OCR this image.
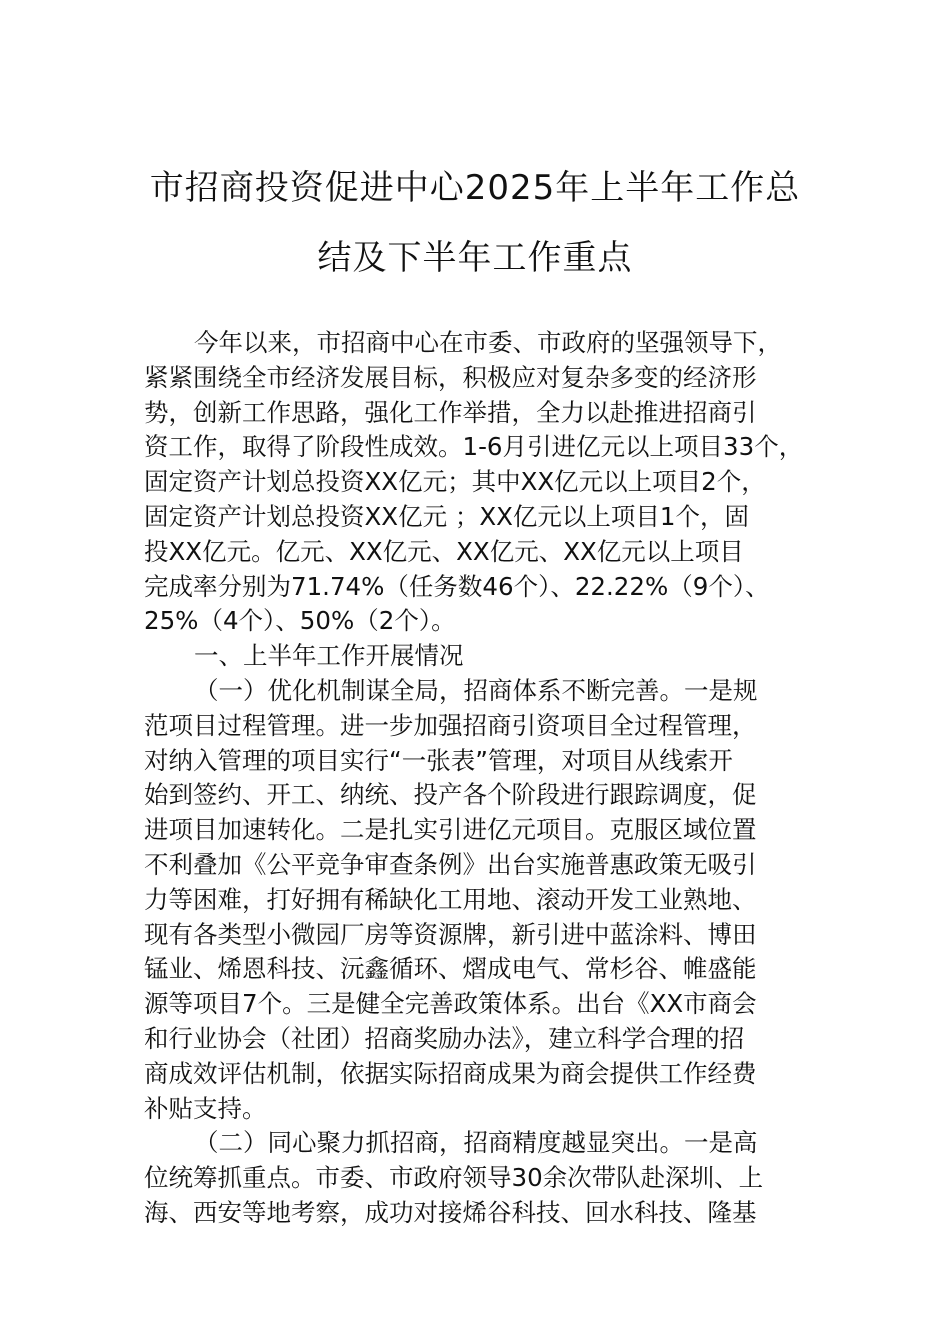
市招商投资促进中心2025年上半年工作总
结及下半年工作重点
今年以来，市招商中心在市委、市政府的坚强领导下，
紧紧围绕全市经济发展目标，积极应对复杂多变的经济形
势，创新工作思路，强化工作举措，全力以赴推进招商引
资工作，取得了阶段性成效。1-6月引进亿元以上项目33个，
固定资产计划总投资XX亿元；其中XX亿元以上项目2个，
固定资产计划总投资XX亿元 ；XX亿元以上项目1个，固
投XX亿元。亿元、XX亿元、XX亿元、XX亿元以上项目
完成率分别为71.74%（任务数46个）、22.22%（9个）、
25%（4个）、50%（2个）。
一、上半年工作开展情况
（一）优化机制谋全局，招商体系不断完善。一是规
范项目过程管理。进一步加强招商引资项目全过程管理，
对纳入管理的项目实行“一张表”管理，对项目从线索开
始到签约、开工、纳统、投产各个阶段进行跟踪调度，促
进项目加速转化。二是扎实引进亿元项目。克服区域位置
不利叠加《公平竞争审查条例》出台实施普惠政策无吸引
力等困难，打好拥有稀缺化工用地、滚动开发工业熟地、
现有各类型小微园厂房等资源牌，新引进中蓝涂料、博田
锰业、烯恩科技、沅鑫循环、熠成电气、常杉谷、帷盛能
源等项目7个。三是健全完善政策体系。出台《XX市商会
和行业协会（社团）招商奖励办法》，建立科学合理的招
商成效评估机制，依据实际招商成果为商会提供工作经费
补贴支持。
（二）同心聚力抓招商，招商精度越显突出。一是高
位统筹抓重点。市委、市政府领导30余次带队赴深圳、上
海、西安等地考察，成功对接烯谷科技、回水科技、隆基
